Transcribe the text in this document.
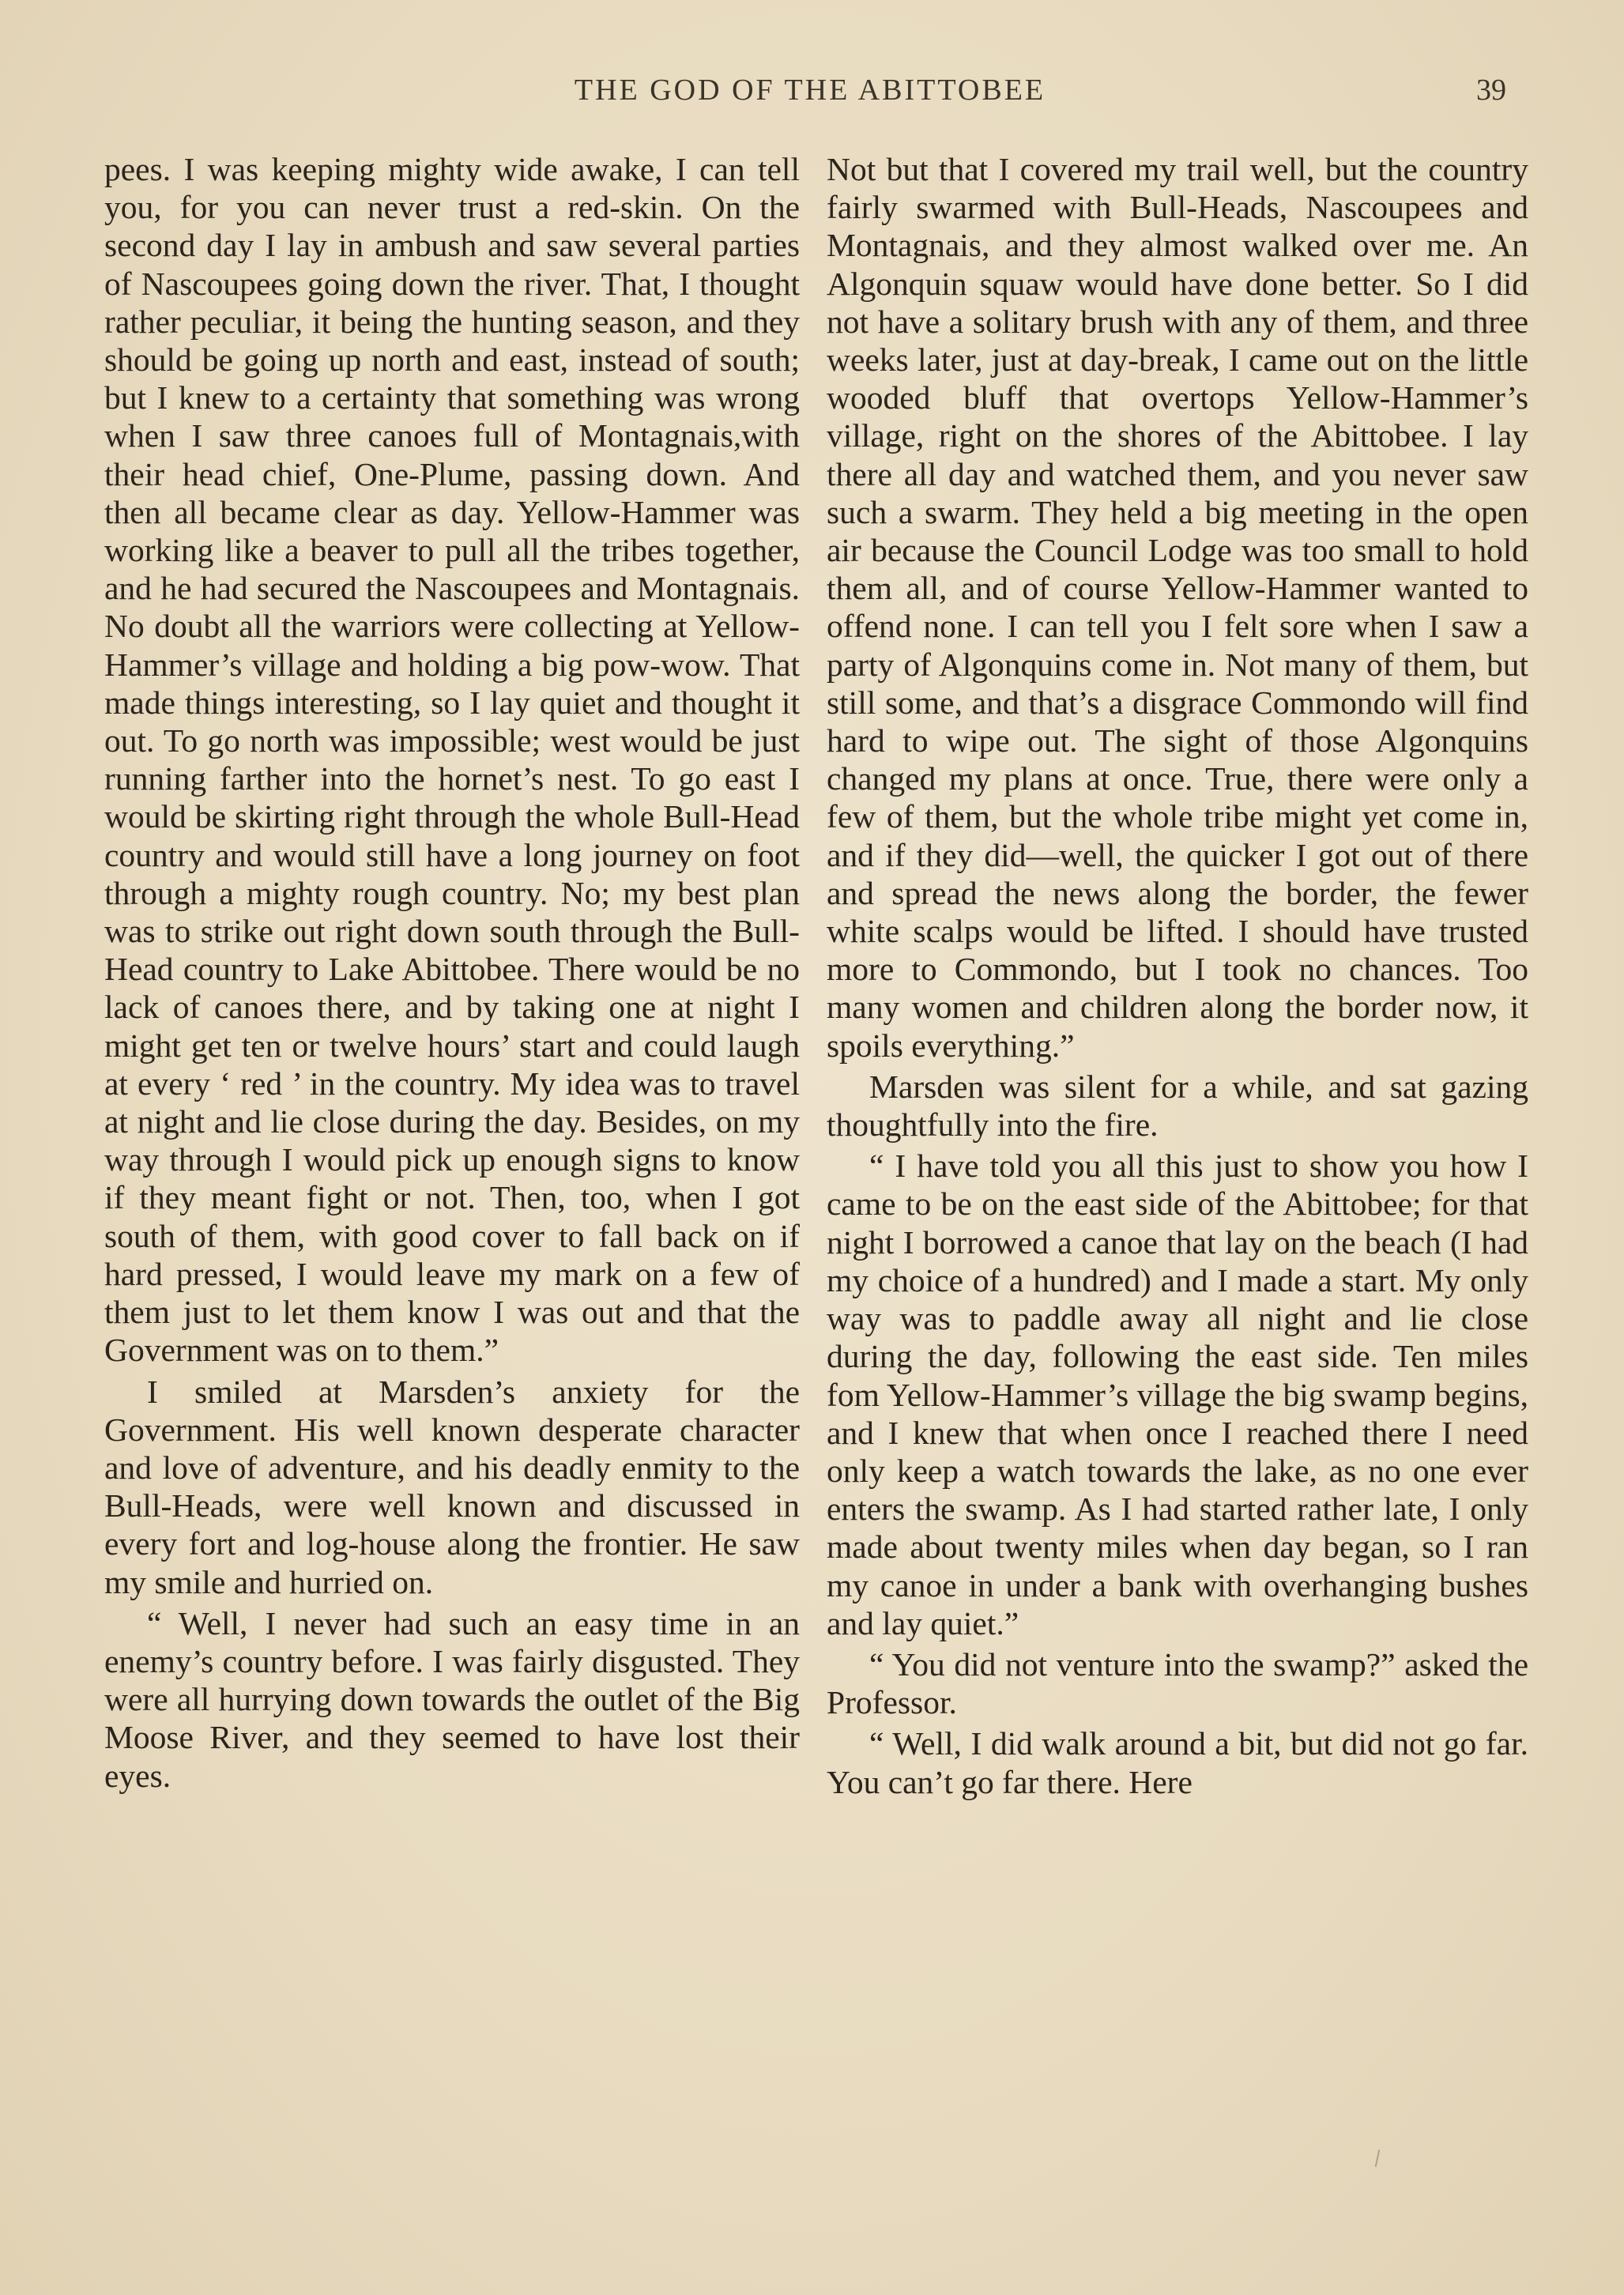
THE GOD OF THE ABITTOBEE	39

pees. I was keeping mighty wide awake, I can tell you, for you can never trust a red-skin. On the second day I lay in ambush and saw several parties of Nascoupees going down the river. That, I thought rather peculiar, it being the hunting season, and they should be going up north and east, instead of south; but I knew to a certainty that something was wrong when I saw three canoes full of Montagnais,with their head chief, One-Plume, passing down. And then all became clear as day. Yellow-Hammer was working like a beaver to pull all the tribes together, and he had secured the Nascoupees and Montagnais. No doubt all the warriors were collecting at Yellow-Hammer’s village and holding a big pow-wow. That made things interesting, so I lay quiet and thought it out. To go north was impossible; west would be just running farther into the hornet’s nest. To go east I would be skirting right through the whole Bull-Head country and would still have a long journey on foot through a mighty rough country. No; my best plan was to strike out right down south through the Bull-Head country to Lake Abittobee. There would be no lack of canoes there, and by taking one at night I might get ten or twelve hours’ start and could laugh at every ‘ red ’ in the country. My idea was to travel at night and lie close during the day. Besides, on my way through I would pick up enough signs to know if they meant fight or not. Then, too, when I got south of them, with good cover to fall back on if hard pressed, I would leave my mark on a few of them just to let them know I was out and that the Government was on to them.”

I smiled at Marsden’s anxiety for the Government. His well known desperate character and love of adventure, and his deadly enmity to the Bull-Heads, were well known and discussed in every fort and log-house along the frontier. He saw my smile and hurried on.

“ Well, I never had such an easy time in an enemy’s country before. I was fairly disgusted. They were all hurrying down towards the outlet of the Big Moose River, and they seemed to have lost their eyes.

Not but that I covered my trail well, but the country fairly swarmed with Bull-Heads, Nascoupees and Montagnais, and they almost walked over me. An Algonquin squaw would have done better. So I did not have a solitary brush with any of them, and three weeks later, just at day-break, I came out on the little wooded bluff that overtops Yellow-Hammer’s village, right on the shores of the Abittobee. I lay there all day and watched them, and you never saw such a swarm. They held a big meeting in the open air because the Council Lodge was too small to hold them all, and of course Yellow-Hammer wanted to offend none. I can tell you I felt sore when I saw a party of Algonquins come in. Not many of them, but still some, and that’s a disgrace Commondo will find hard to wipe out. The sight of those Algonquins changed my plans at once. True, there were only a few of them, but the whole tribe might yet come in, and if they did—well, the quicker I got out of there and spread the news along the border, the fewer white scalps would be lifted. I should have trusted more to Commondo, but I took no chances. Too many women and children along the border now, it spoils everything.”

Marsden was silent for a while, and sat gazing thoughtfully into the fire.

“ I have told you all this just to show you how I came to be on the east side of the Abittobee; for that night I borrowed a canoe that lay on the beach (I had my choice of a hundred) and I made a start. My only way was to paddle away all night and lie close during the day, following the east side. Ten miles fom Yellow-Hammer’s village the big swamp begins, and I knew that when once I reached there I need only keep a watch towards the lake, as no one ever enters the swamp. As I had started rather late, I only made about twenty miles when day began, so I ran my canoe in under a bank with overhanging bushes and lay quiet.”

“ You did not venture into the swamp?” asked the Professor.

“ Well, I did walk around a bit, but did not go far. You can’t go far there. Here
